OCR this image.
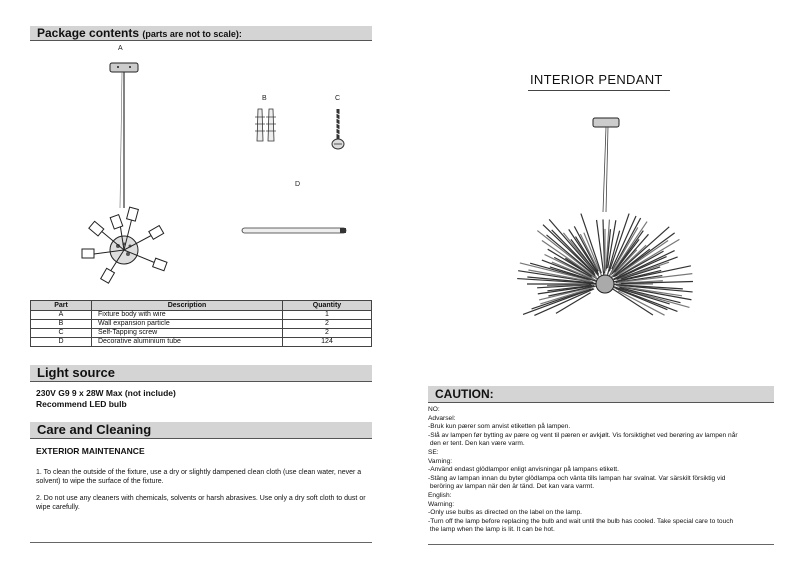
Package contents (parts are not to scale):
A
B	C
D
Part	Description	Quantity
A	Fixture body with wire	1
B	Wall expansion particle	2
C	Self-Tapping screw	2
D	Decorative aluminium tube	124
Light source
230V G9 9 x 28W Max (not include)
Recommend LED bulb
Care and Cleaning
EXTERIOR MAINTENANCE
1. To clean the outside of the fixture, use a dry or slightly dampened clean cloth (use clean water, never a solvent) to wipe the surface of the fixture.
2. Do not use any cleaners with chemicals, solvents or harsh abrasives. Use only a dry soft cloth to dust or wipe carefully.
INTERIOR PENDANT
CAUTION:
NO:
Advarsel:
-Bruk kun pærer som anvist etiketten på lampen.
-Slå av lampen før bytting av pære og vent til pæren er avkjølt. Vis forsiktighet ved berøring av lampen når
den er tent. Den kan være varm.
SE:
Varning:
-Använd endast glödlampor enligt anvisningar på lampans etikett.
-Stäng av lampan innan du byter glödlampa och vänta tills lampan har svalnat. Var särskilt försiktig vid
beröring av lampan när den är tänd. Det kan vara varmt.
English:
Warning:
-Only use bulbs as directed on the label on the lamp.
-Turn off the lamp before replacing the bulb and wait until the bulb has cooled. Take special care to touch
the lamp when the lamp is lit. It can be hot.
